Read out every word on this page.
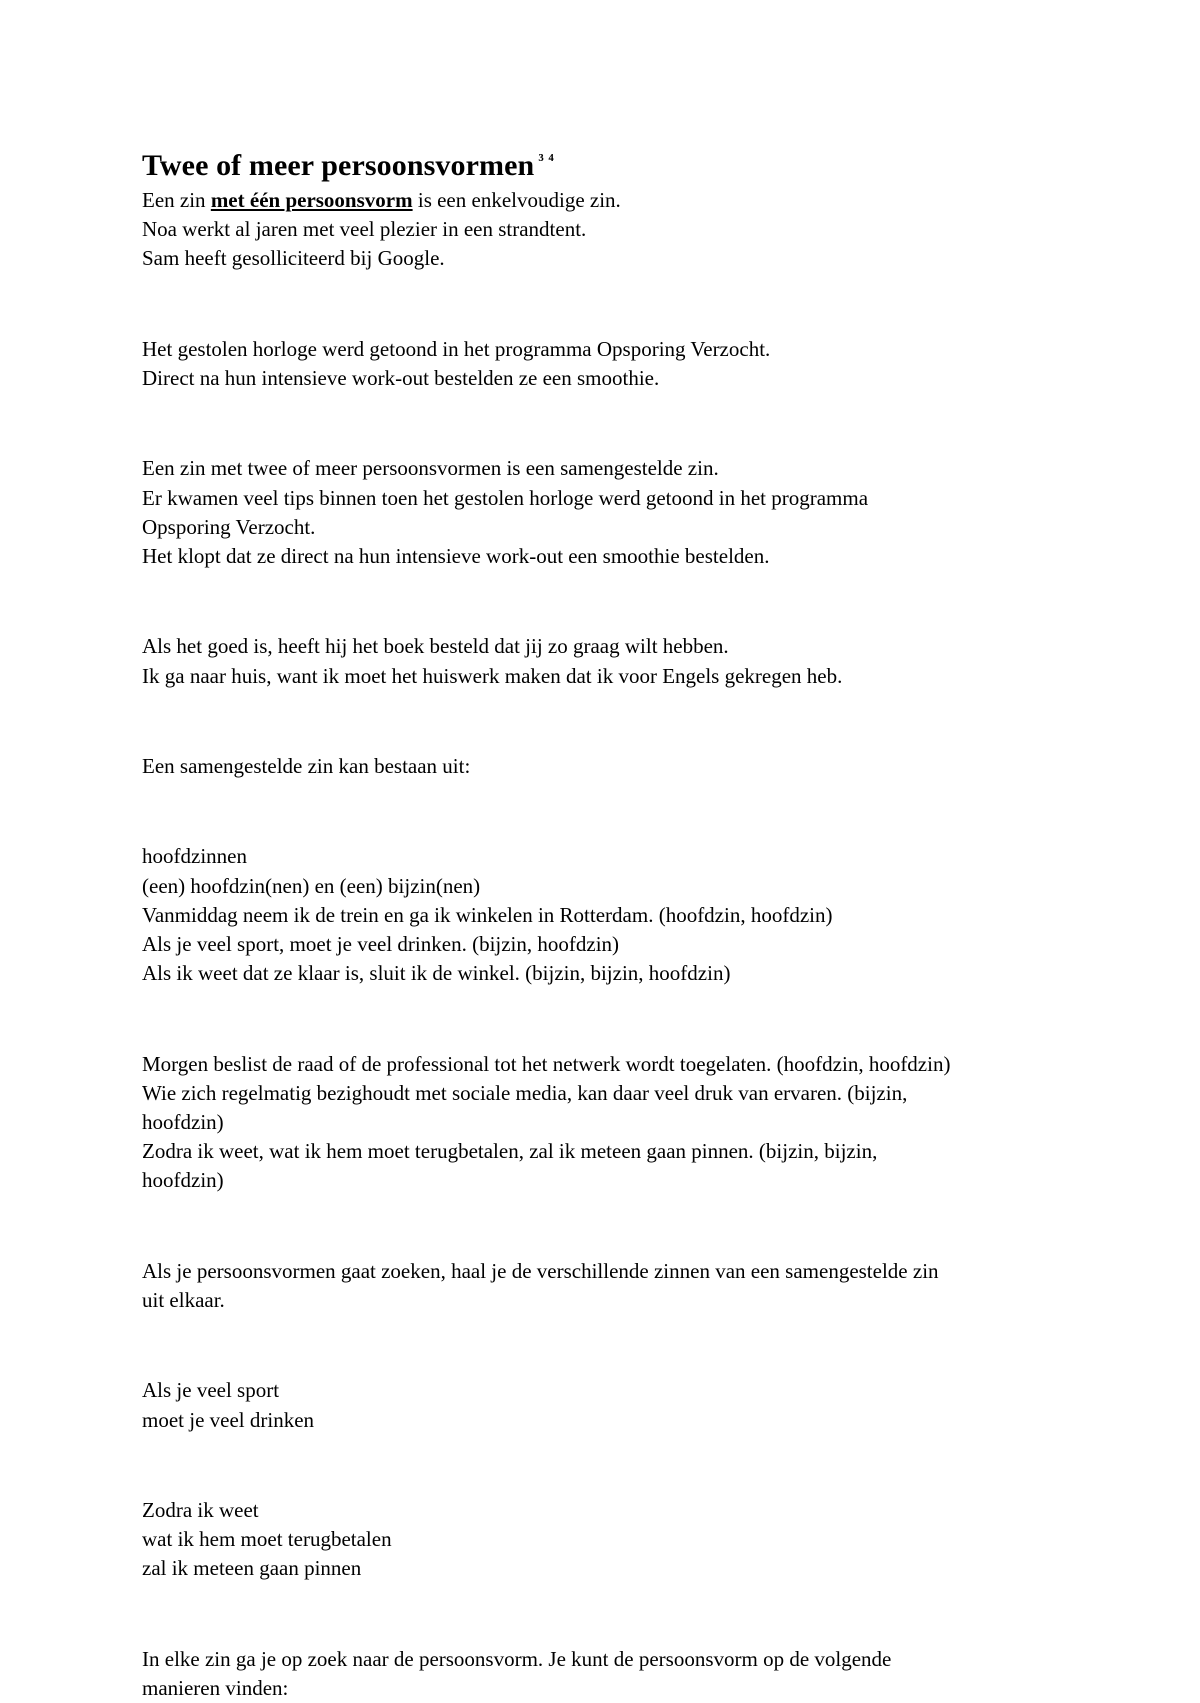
Twee of meer persoonsvormen $^{^3 ^4}$

Een zin met één persoonsvorm is een enkelvoudige zin.

Noa werkt al jaren met veel plezier in een strandtent.

Sam heeft gesolliciteerd bij Google.

Het gestolen horloge werd getoond in het programma Opsporing Verzocht.

Direct na hun intensieve work-out bestelden ze een smoothie.

Een zin met twee of meer persoonsvormen is een samengestelde zin.

Er kwamen veel tips binnen toen het gestolen horloge werd getoond in het programma

Opsporing Verzocht.

Het klopt dat ze direct na hun intensieve work-out een smoothie bestelden.

Als het goed is, heeft hij het boek besteld dat jij zo graag wilt hebben.

Ik ga naar huis, want ik moet het huiswerk maken dat ik voor Engels gekregen heb.

Een samengestelde zin kan bestaan uit:

hoofdzinnen

(een) hoofdzin(nen) en (een) bijzin(nen)

Vanmiddag neem ik de trein en ga ik winkelen in Rotterdam. (hoofdzin, hoofdzin)

Als je veel sport, moet je veel drinken. (bijzin, hoofdzin)

Als ik weet dat ze klaar is, sluit ik de winkel. (bijzin, bijzin, hoofdzin)

Morgen beslist de raad of de professional tot het netwerk wordt toegelaten. (hoofdzin, hoofdzin)

Wie zich regelmatig bezighoudt met sociale media, kan daar veel druk van ervaren. (bijzin,

hoofdzin)

Zodra ik weet, wat ik hem moet terugbetalen, zal ik meteen gaan pinnen. (bijzin, bijzin,

hoofdzin)

Als je persoonsvormen gaat zoeken, haal je de verschillende zinnen van een samengestelde zin

uit elkaar.

Als je veel sport

moet je veel drinken

Zodra ik weet

wat ik hem moet terugbetalen

zal ik meteen gaan pinnen

In elke zin ga je op zoek naar de persoonsvorm. Je kunt de persoonsvorm op de volgende

manieren vinden:
